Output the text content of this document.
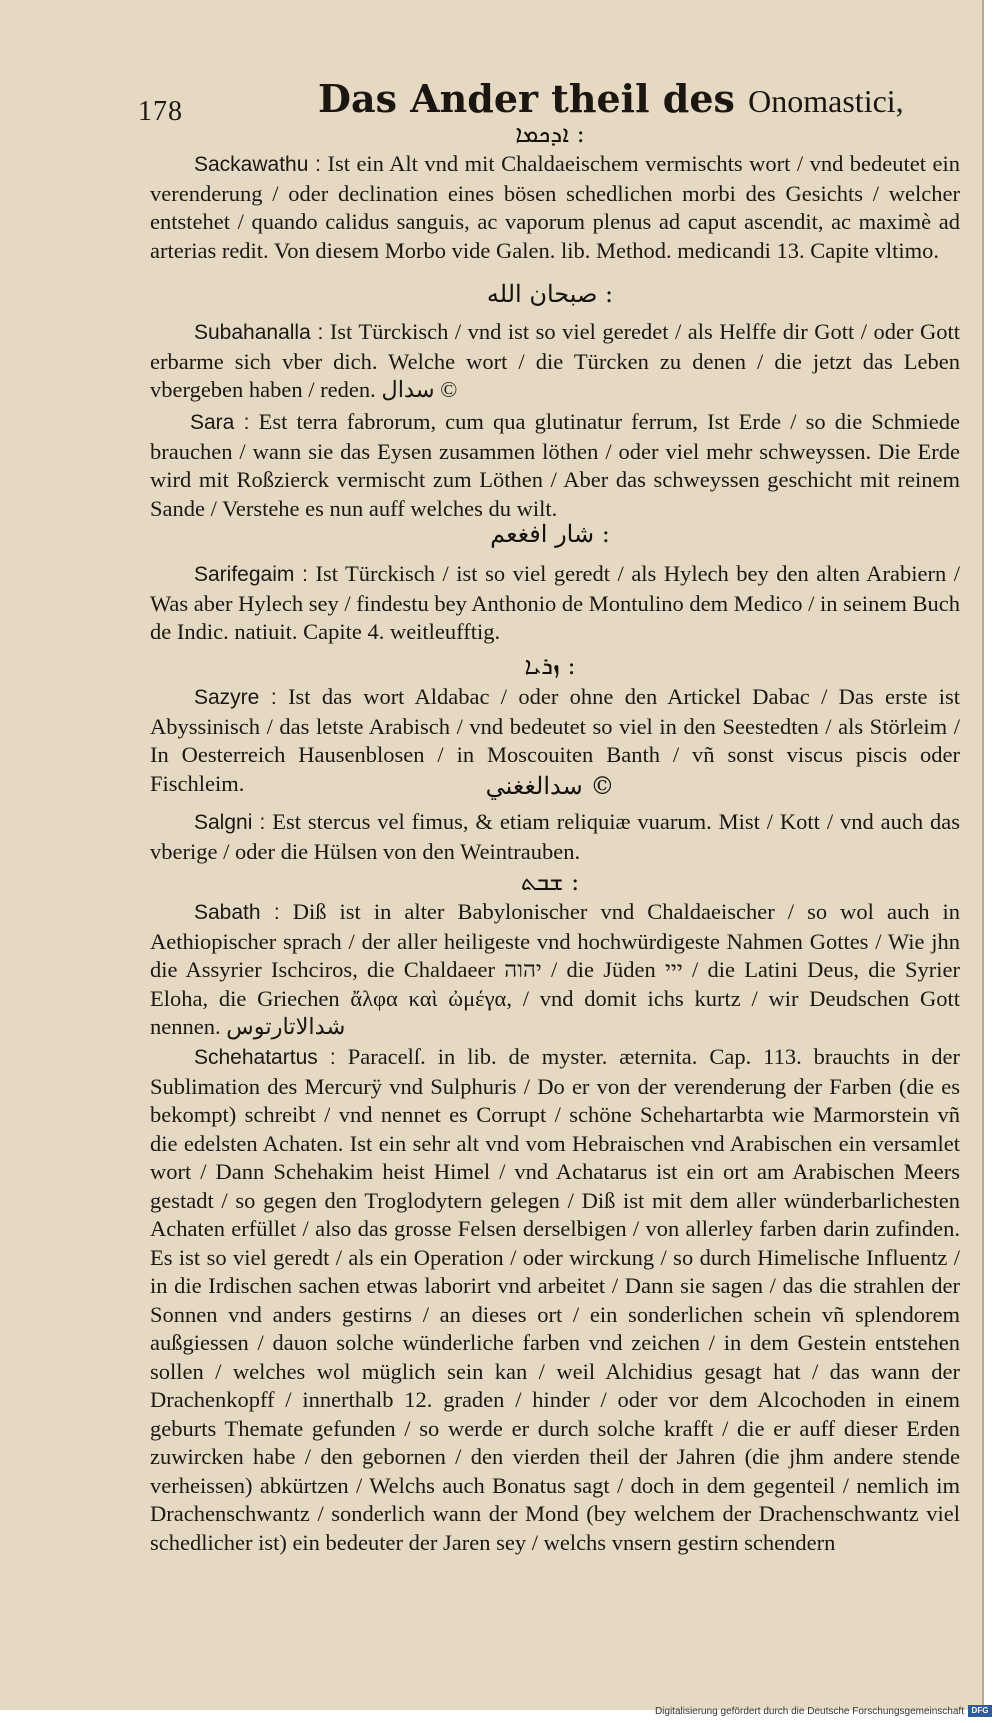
178	Das Ander theil des Onomastici,
ܐܕܟܡܐ :
Sackawathu : Ist ein Alt vnd mit Chaldaeischem vermischts wort / vnd bedeutet ein verenderung / oder declination eines bösen schedlichen morbi des Gesichts / welcher entstehet / quando calidus sanguis, ac vaporum plenus ad caput ascendit, ac maximè ad arterias redit. Von diesem Morbo vide Galen. lib. Method. medicandi 13. Capite vltimo.
صبحان الله :
Subahanalla : Ist Türckisch / vnd ist so viel geredet / als Helffe dir Gott / oder Gott erbarme sich vber dich. Welche wort / die Türcken zu denen / die jetzt das Leben vbergeben haben / reden. سدال ©
Sara : Est terra fabrorum, cum qua glutinatur ferrum, Ist Erde / so die Schmiede brauchen / wann sie das Eysen zusammen löthen / oder viel mehr schweyssen. Die Erde wird mit Roßzierck vermischt zum Löthen / Aber das schweyssen geschicht mit reinem Sande / Verstehe es nun auff welches du wilt.
شار افغعم :
Sarifegaim : Ist Türckisch / ist so viel geredt / als Hylech bey den alten Arabiern / Was aber Hylech sey / findestu bey Anthonio de Montulino dem Medico / in seinem Buch de Indic. natiuit. Capite 4. weitleufftig.
ܙܪܝܐ :
Sazyre : Ist das wort Aldabac / oder ohne den Artickel Dabac / Das erste ist Abyssinisch / das letste Arabisch / vnd bedeutet so viel in den Seestedten / als Störleim / In Oesterreich Hausenblosen / in Moscouiten Banth / vñ sonst viscus piscis oder Fischleim.	سدالغغني ©
Salgni : Est stercus vel fimus, & etiam reliquiæ vuarum. Mist / Kott / vnd auch das vberige / oder die Hülsen von den Weintrauben.
ܫܒܬ :
Sabath : Diß ist in alter Babylonischer vnd Chaldaeischer / so wol auch in Aethiopischer sprach / der aller heiligeste vnd hochwürdigeste Nahmen Gottes / Wie jhn die Assyrier Ischciros, die Chaldaeer יהוה / die Jüden ייי / die Latini Deus, die Syrier Eloha, die Griechen ἄλφα καὶ ὠμέγα, / vnd domit ichs kurtz / wir Deudschen Gott nennen. شدالاتارتوس
Schehatartus : Paracelſ. in lib. de myster. æternita. Cap. 113. brauchts in der Sublimation des Mercurÿ vnd Sulphuris / Do er von der verenderung der Farben (die es bekompt) schreibt / vnd nennet es Corrupt / schöne Schehartarbta wie Marmorstein vñ die edelsten Achaten. Ist ein sehr alt vnd vom Hebraischen vnd Arabischen ein versamlet wort / Dann Schehakim heist Himel / vnd Achatarus ist ein ort am Arabischen Meers gestadt / so gegen den Troglodytern gelegen / Diß ist mit dem aller wünderbarlichesten Achaten erfüllet / also das grosse Felsen derselbigen / von allerley farben darin zufinden. Es ist so viel geredt / als ein Operation / oder wirckung / so durch Himelische Influentz / in die Irdischen sachen etwas laborirt vnd arbeitet / Dann sie sagen / das die strahlen der Sonnen vnd anders gestirns / an dieses ort / ein sonderlichen schein vñ splendorem außgiessen / dauon solche wünderliche farben vnd zeichen / in dem Gestein entstehen sollen / welches wol müglich sein kan / weil Alchidius gesagt hat / das wann der Drachenkopff / innerthalb 12. graden / hinder / oder vor dem Alcochoden in einem geburts Themate gefunden / so werde er durch solche krafft / die er auff dieser Erden zuwircken habe / den gebornen / den vierden theil der Jahren (die jhm andere stende verheissen) abkürtzen / Welchs auch Bonatus sagt / doch in dem gegenteil / nemlich im Drachenschwantz / sonderlich wann der Mond (bey welchem der Drachenschwantz viel schedlicher ist) ein bedeuter der Jaren sey / welchs vnsern gestirn schendern
Digitalisierung gefördert durch die Deutsche Forschungsgemeinschaft DFG
